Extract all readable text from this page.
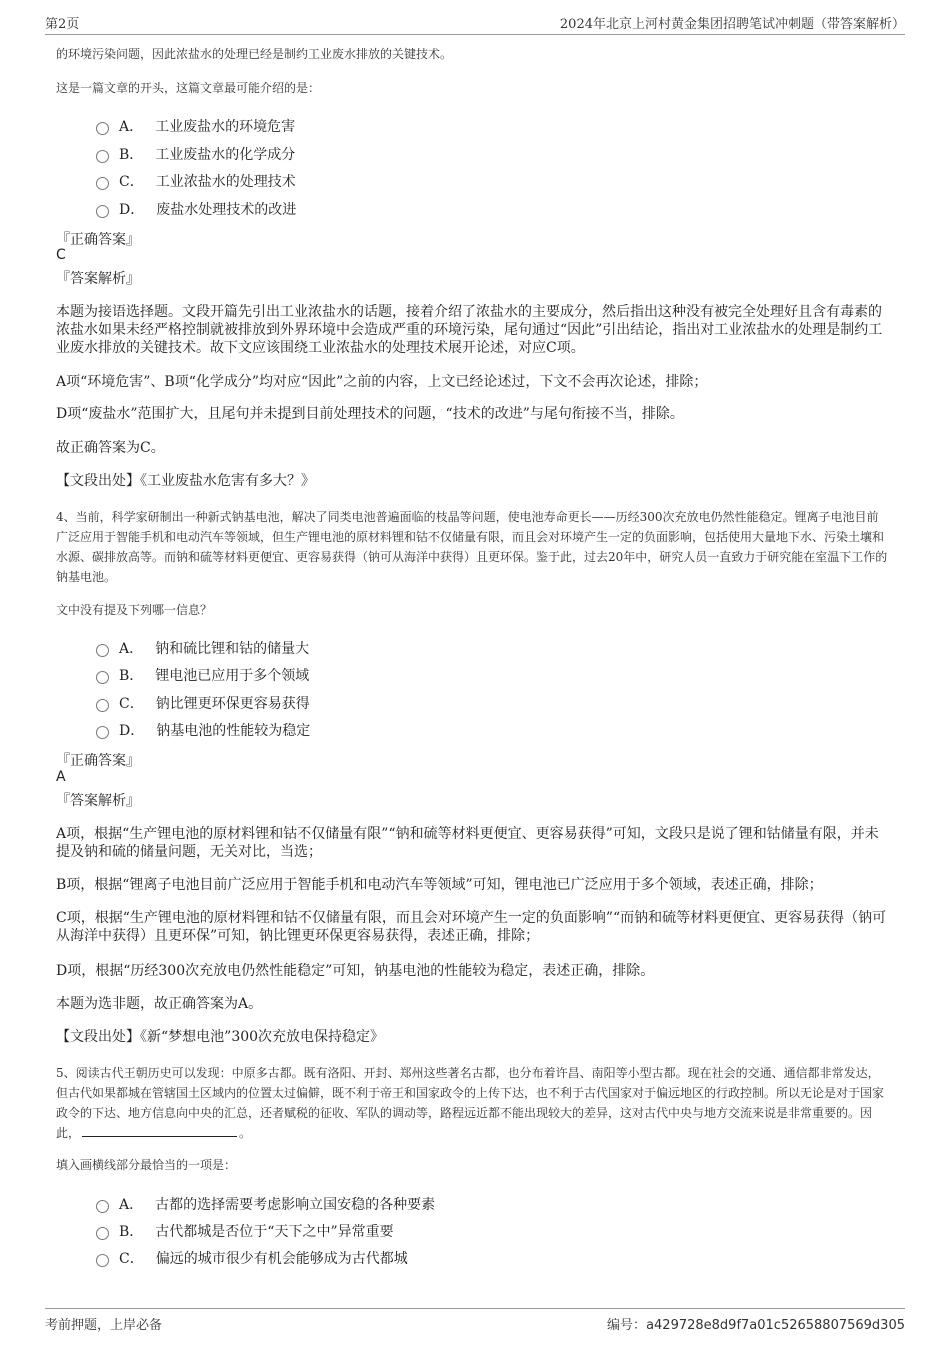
第2页	2024年北京上河村黄金集团招聘笔试冲刺题（带答案解析）
的环境污染问题，因此浓盐水的处理已经是制约工业废水排放的关键技术。
这是一篇文章的开头，这篇文章最可能介绍的是：
A． 工业废盐水的环境危害
B． 工业废盐水的化学成分
C． 工业浓盐水的处理技术
D． 废盐水处理技术的改进
『正确答案』
C
『答案解析』
本题为接语选择题。文段开篇先引出工业浓盐水的话题，接着介绍了浓盐水的主要成分，然后指出这种没有被完全处理好且含有毒素的浓盐水如果未经严格控制就被排放到外界环境中会造成严重的环境污染，尾句通过“因此”引出结论，指出对工业浓盐水的处理是制约工业废水排放的关键技术。故下文应该围绕工业浓盐水的处理技术展开论述，对应C项。
A项“环境危害”、B项“化学成分”均对应“因此”之前的内容，上文已经论述过，下文不会再次论述，排除；
D项“废盐水”范围扩大，且尾句并未提到目前处理技术的问题，“技术的改进”与尾句衔接不当，排除。
故正确答案为C。
【文段出处】《工业废盐水危害有多大？》
4、当前，科学家研制出一种新式钠基电池，解决了同类电池普遍面临的枝晶等问题，使电池寿命更长——历经300次充放电仍然性能稳定。锂离子电池目前广泛应用于智能手机和电动汽车等领域，但生产锂电池的原材料锂和钴不仅储量有限，而且会对环境产生一定的负面影响，包括使用大量地下水、污染土壤和水源、碳排放高等。而钠和硫等材料更便宜、更容易获得（钠可从海洋中获得）且更环保。鉴于此，过去20年中，研究人员一直致力于研究能在室温下工作的钠基电池。
文中没有提及下列哪一信息？
A． 钠和硫比锂和钴的储量大
B． 锂电池已应用于多个领域
C． 钠比锂更环保更容易获得
D． 钠基电池的性能较为稳定
『正确答案』
A
『答案解析』
A项，根据“生产锂电池的原材料锂和钴不仅储量有限”“钠和硫等材料更便宜、更容易获得”可知，文段只是说了锂和钴储量有限，并未提及钠和硫的储量问题，无关对比，当选；
B项，根据“锂离子电池目前广泛应用于智能手机和电动汽车等领域”可知，锂电池已广泛应用于多个领域，表述正确，排除；
C项，根据“生产锂电池的原材料锂和钴不仅储量有限，而且会对环境产生一定的负面影响”“而钠和硫等材料更便宜、更容易获得（钠可从海洋中获得）且更环保”可知，钠比锂更环保更容易获得，表述正确，排除；
D项，根据“历经300次充放电仍然性能稳定”可知，钠基电池的性能较为稳定，表述正确，排除。
本题为选非题，故正确答案为A。
【文段出处】《新“梦想电池”300次充放电保持稳定》
5、阅读古代王朝历史可以发现：中原多古都。既有洛阳、开封、郑州这些著名古都，也分布着许昌、南阳等小型古都。现在社会的交通、通信都非常发达，但古代如果都城在管辖国土区域内的位置太过偏僻，既不利于帝王和国家政令的上传下达，也不利于古代国家对于偏远地区的行政控制。所以无论是对于国家政令的下达、地方信息向中央的汇总，还者赋税的征收、军队的调动等，路程远近都不能出现较大的差异，这对古代中央与地方交流来说是非常重要的。因此，	。
填入画横线部分最恰当的一项是：
A． 古都的选择需要考虑影响立国安稳的各种要素
B． 古代都城是否位于“天下之中”异常重要
C． 偏远的城市很少有机会能够成为古代都城
考前押题，上岸必备	编号：a429728e8d9f7a01c52658807569d305
